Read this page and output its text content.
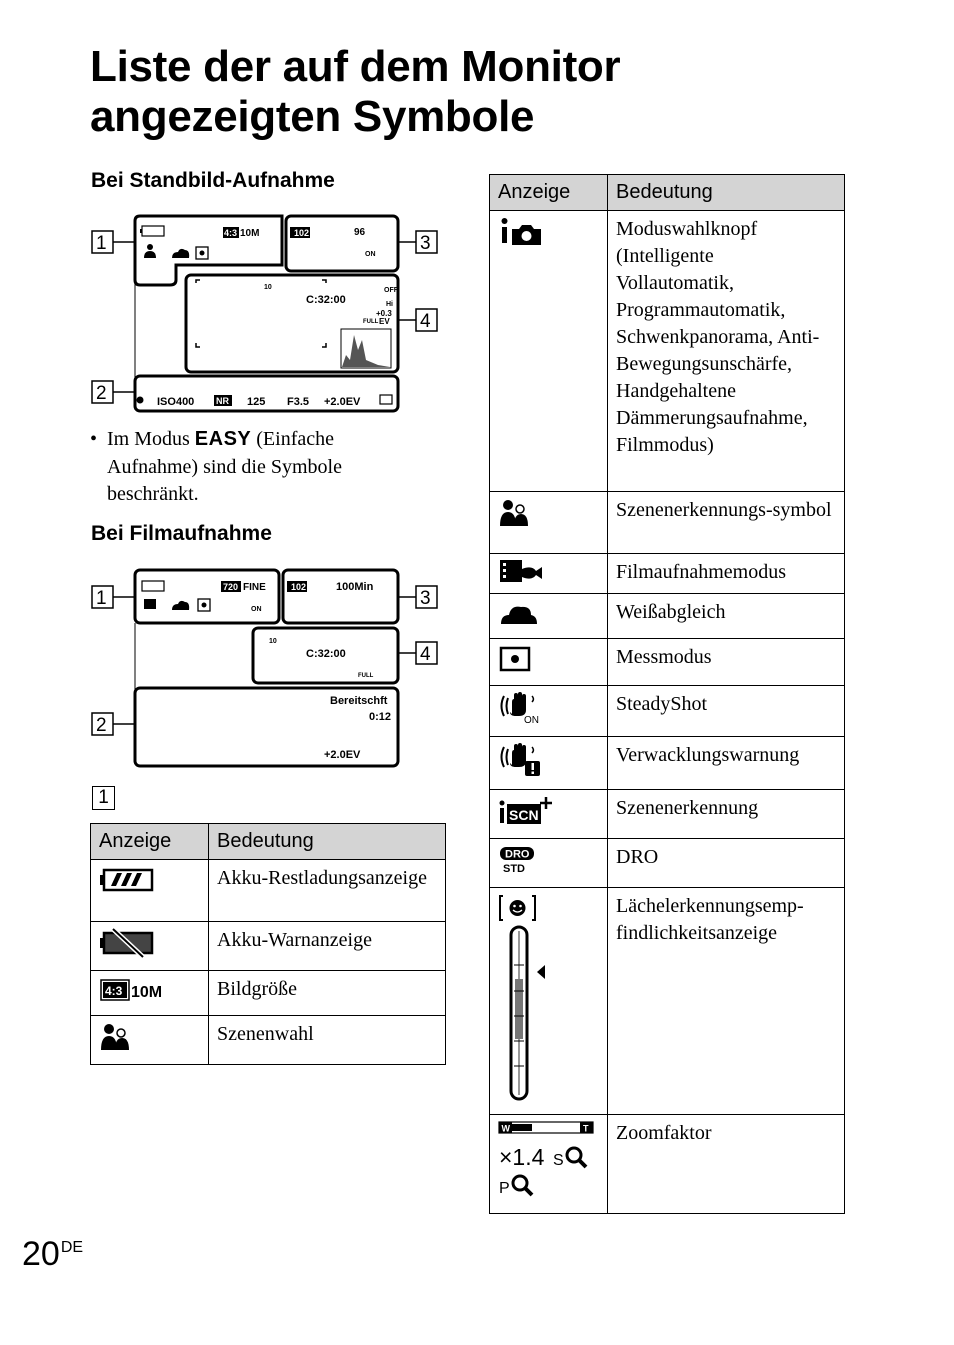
Liste der auf dem Monitor angezeigten Symbole

Bei Standbild-Aufnahme

1
2
3
4
4:3 10M	102	96
ON
10
C:32:00
OFF
Hi
FULL
+0.3
EV
ISO400 NR 125 F3.5 +2.0EV
• Im Modus EASY (Einfache Aufnahme) sind die Symbole beschränkt.

Bei Filmaufnahme

1
2
3
4
720 FINE	102	100Min
ON
10
C:32:00
FULL
Bereitschft
0:12
+2.0EV
1
Anzeige	Bedeutung
	Akku-Restladungsanzeige
	Akku-Warnanzeige

4:3 10M	Bildgröße
	Szenenwahl
Anzeige	Bedeutung
	Moduswahlknopf (Intelligente Vollautomatik, Programmautomatik, Schwenkpanorama, Anti-Bewegungsunschärfe, Handgehaltene Dämmerungsaufnahme, Filmmodus)
	Szenenerkennungs-symbol
	Filmaufnahmemodus
	Weißabgleich
	Messmodus

ON	SteadyShot
	Verwacklungswarnung

SCN	Szenenerkennung

DRO
STD	DRO
	Lächelerkennungsemp-findlichkeitsanzeige

W T
×1.4 S
P	Zoomfaktor
20DE
